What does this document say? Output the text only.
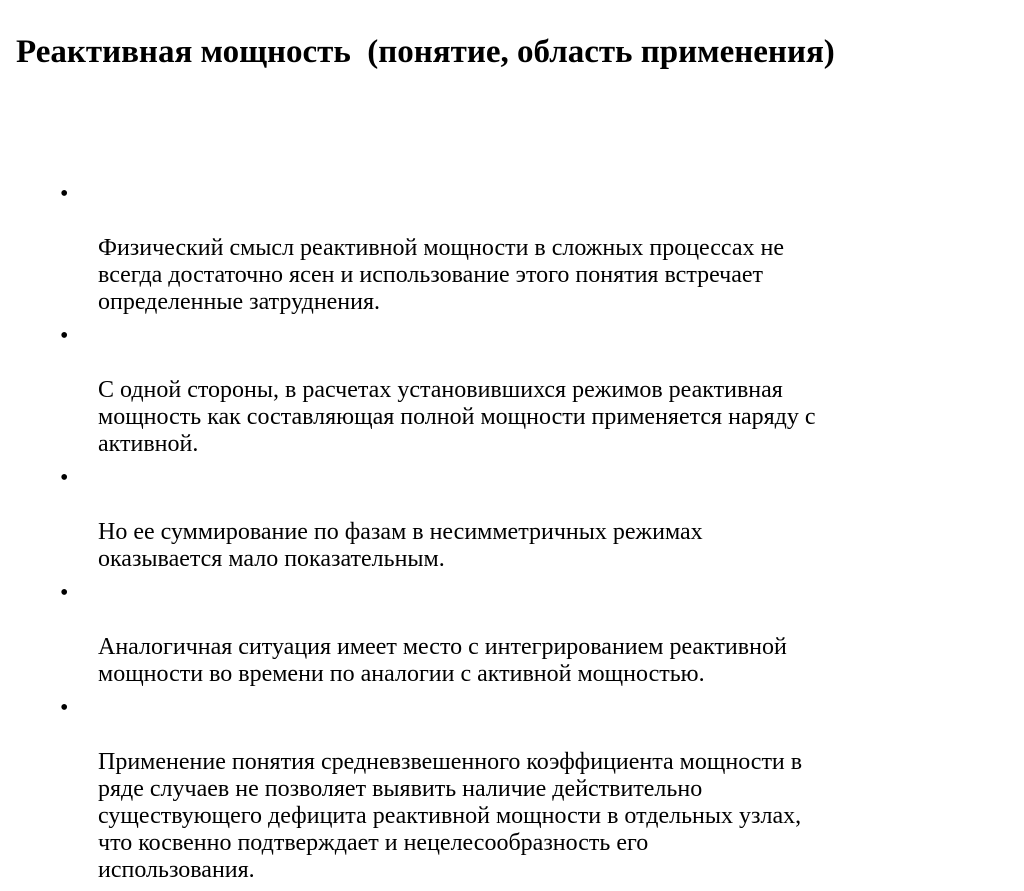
Реактивная мощность  (понятие, область применения)

•

Физический смысл реактивной мощности в сложных процессах не
всегда достаточно ясен и использование этого понятия встречает
определенные затруднения.

•

С одной стороны, в расчетах установившихся режимов реактивная
мощность как составляющая полной мощности применяется наряду с
активной.

•

Но ее суммирование по фазам в несимметричных режимах
оказывается мало показательным.

•

Аналогичная ситуация имеет место с интегрированием реактивной
мощности во времени по аналогии с активной мощностью.

•

Применение понятия средневзвешенного коэффициента мощности в
ряде случаев не позволяет выявить наличие действительно
существующего дефицита реактивной мощности в отдельных узлах,
что косвенно подтверждает и нецелесообразность его
использования.
